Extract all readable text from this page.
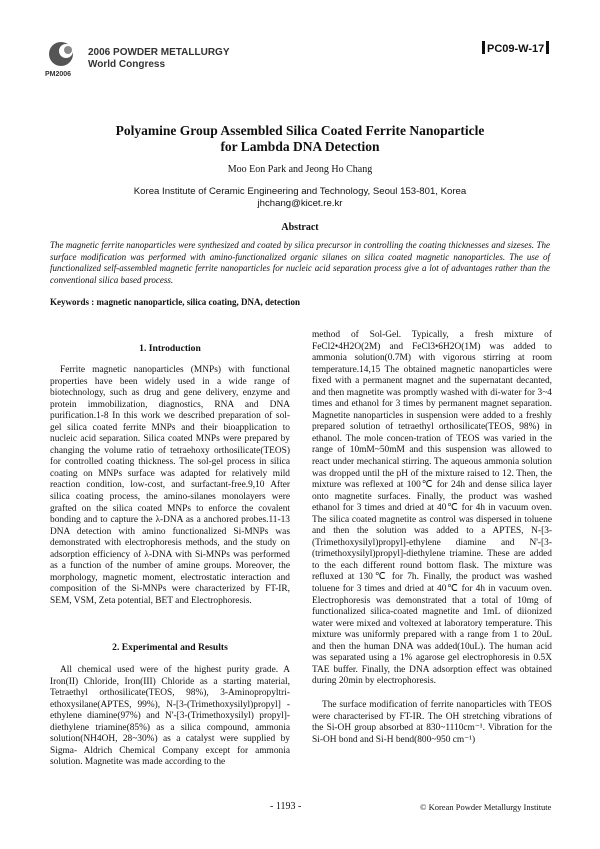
PM2006
2006 POWDER METALLURGY
World Congress
PC09-W-17
Polyamine Group Assembled Silica Coated Ferrite Nanoparticle
for Lambda DNA Detection
Moo Eon Park and Jeong Ho Chang
Korea Institute of Ceramic Engineering and Technology, Seoul 153-801, Korea
jhchang@kicet.re.kr
Abstract

The magnetic ferrite nanoparticles were synthesized and coated by silica precursor in controlling the coating thicknesses and sizeses. The surface modification was performed with amino-functionalized organic silanes on silica coated magnetic nanoparticles. The use of functionalized self-assembled magnetic ferrite nanoparticles for nucleic acid separation process give a lot of advantages rather than the conventional silica based process.

Keywords : magnetic nanoparticle, silica coating, DNA, detection

1. Introduction

Ferrite magnetic nanoparticles (MNPs) with functional properties have been widely used in a wide range of biotechnology, such as drug and gene delivery, enzyme and protein immobilization, diagnostics, RNA and DNA purification.1-8 In this work we described preparation of sol-gel silica coated ferrite MNPs and their bioapplication to nucleic acid separation. Silica coated MNPs were prepared by changing the volume ratio of tetraehoxy orthosilicate(TEOS) for controlled coating thickness. The sol-gel process in silica coating on MNPs surface was adapted for relatively mild reaction condition, low-cost, and surfactant-free.9,10 After silica coating process, the amino-silanes monolayers were grafted on the silica coated MNPs to enforce the covalent bonding and to capture the λ-DNA as a anchored probes.11-13 DNA detection with amino functionalized Si-MNPs was demonstrated with electrophoresis methods, and the study on adsorption efficiency of λ-DNA with Si-MNPs was performed as a function of the number of amine groups. Moreover, the morphology, magnetic moment, electrostatic interaction and composition of the Si-MNPs were characterized by FT-IR, SEM, VSM, Zeta potential, BET and Electrophoresis.

2. Experimental and Results

All chemical used were of the highest purity grade. A Iron(II) Chloride, Iron(III) Chloride as a starting material, Tetraethyl orthosilicate(TEOS, 98%), 3-Aminopropyltri-ethoxysilane(APTES, 99%), N-[3-(Trimethoxysilyl)propyl] -ethylene diamine(97%) and N'-[3-(Trimethoxysilyl) propyl]-diethylene triamine(85%) as a silica compound, ammonia solution(NH4OH, 28~30%) as a catalyst were supplied by Sigma- Aldrich Chemical Company except for ammonia solution. Magnetite was made according to the

method of Sol-Gel. Typically, a fresh mixture of FeCl2•4H2O(2M) and FeCl3•6H2O(1M) was added to ammonia solution(0.7M) with vigorous stirring at room temperature.14,15 The obtained magnetic nanoparticles were fixed with a permanent magnet and the supernatant decanted, and then magnetite was promptly washed with di-water for 3~4 times and ethanol for 3 times by permanent magnet separation. Magnetite nanoparticles in suspension were added to a freshly prepared solution of tetraethyl orthosilicate(TEOS, 98%) in ethanol. The mole concen-tration of TEOS was varied in the range of 10mM~50mM and this suspension was allowed to react under mechanical stirring. The aqueous ammonia solution was dropped until the pH of the mixture raised to 12. Then, the mixture was reflexed at 100℃ for 24h and dense silica layer onto magnetite surfaces. Finally, the product was washed ethanol for 3 times and dried at 40℃ for 4h in vacuum oven. The silica coated magnetite as control was dispersed in toluene and then the solution was added to a APTES, N-[3-(Trimethoxysilyl)propyl]-ethylene diamine and N'-[3-(trimethoxysilyl)propyl]-diethylene triamine. These are added to the each different round bottom flask. The mixture was refluxed at 130℃ for 7h. Finally, the product was washed toluene for 3 times and dried at 40℃ for 4h in vacuum oven. Electrophoresis was demonstrated that a total of 10mg of functionalized silica-coated magnetite and 1mL of diionized water were mixed and voltexed at laboratory temperature. This mixture was uniformly prepared with a range from 1 to 20uL and then the human DNA was added(10uL). The human acid was separated using a 1% agarose gel electrophoresis in 0.5X TAE buffer. Finally, the DNA adsorption effect was obtained during 20min by electrophoresis.

The surface modification of ferrite nanoparticles with TEOS were characterised by FT-IR. The OH stretching vibrations of the Si-OH group absorbed at 830~1110cm⁻¹. Vibration for the Si-OH bond and Si-H bend(800~950 cm⁻¹)

- 1193 -	© Korean Powder Metallurgy Institute
